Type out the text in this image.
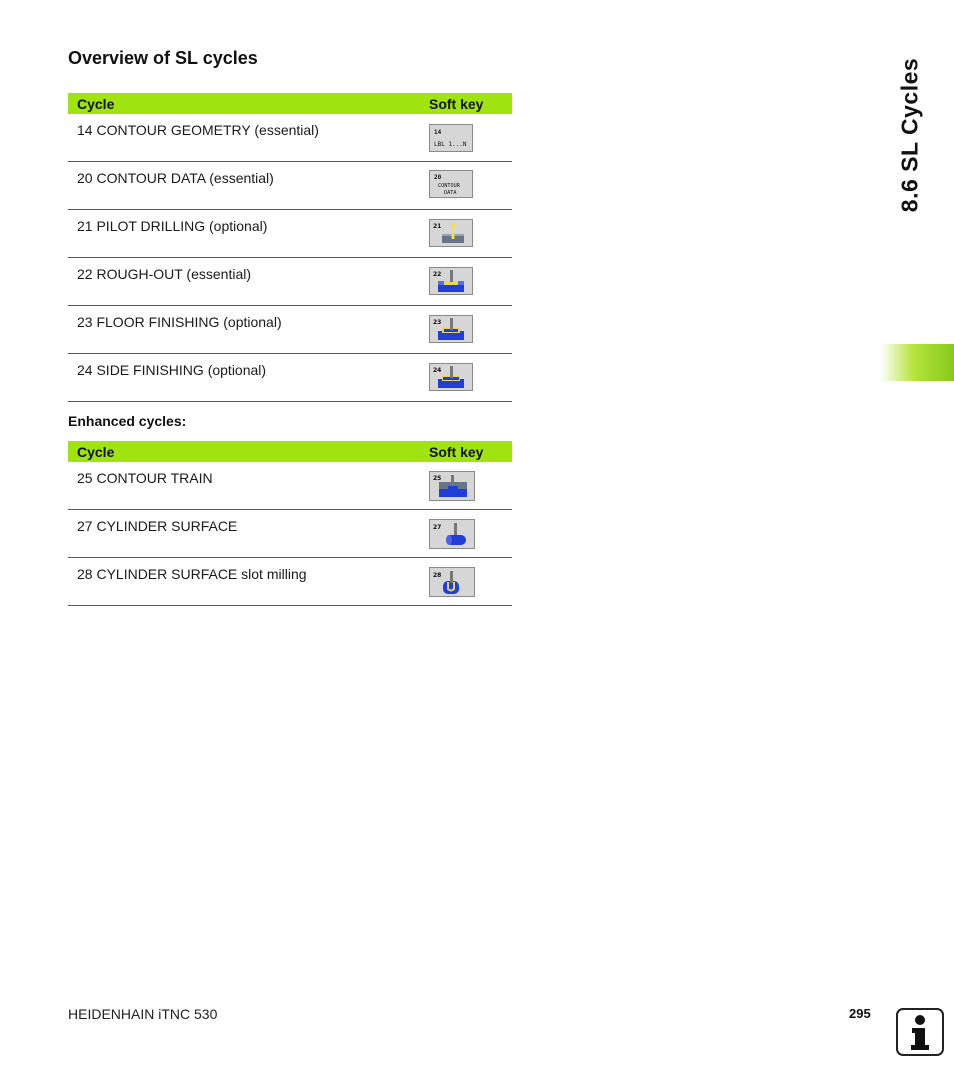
Overview of SL cycles	8.6 SL Cycles
Cycle	Soft key

14 CONTOUR GEOMETRY (essential)	14
LBL 1...N

20 CONTOUR DATA (essential)	20
CONTOUR
DATA

21 PILOT DRILLING (optional)	21

22 ROUGH-OUT (essential)	22

23 FLOOR FINISHING (optional)	23

24 SIDE FINISHING (optional)	24
Enhanced cycles:
Cycle	Soft key

25 CONTOUR TRAIN	25

27 CYLINDER SURFACE	27

28 CYLINDER SURFACE slot milling	28
HEIDENHAIN iTNC 530	295
